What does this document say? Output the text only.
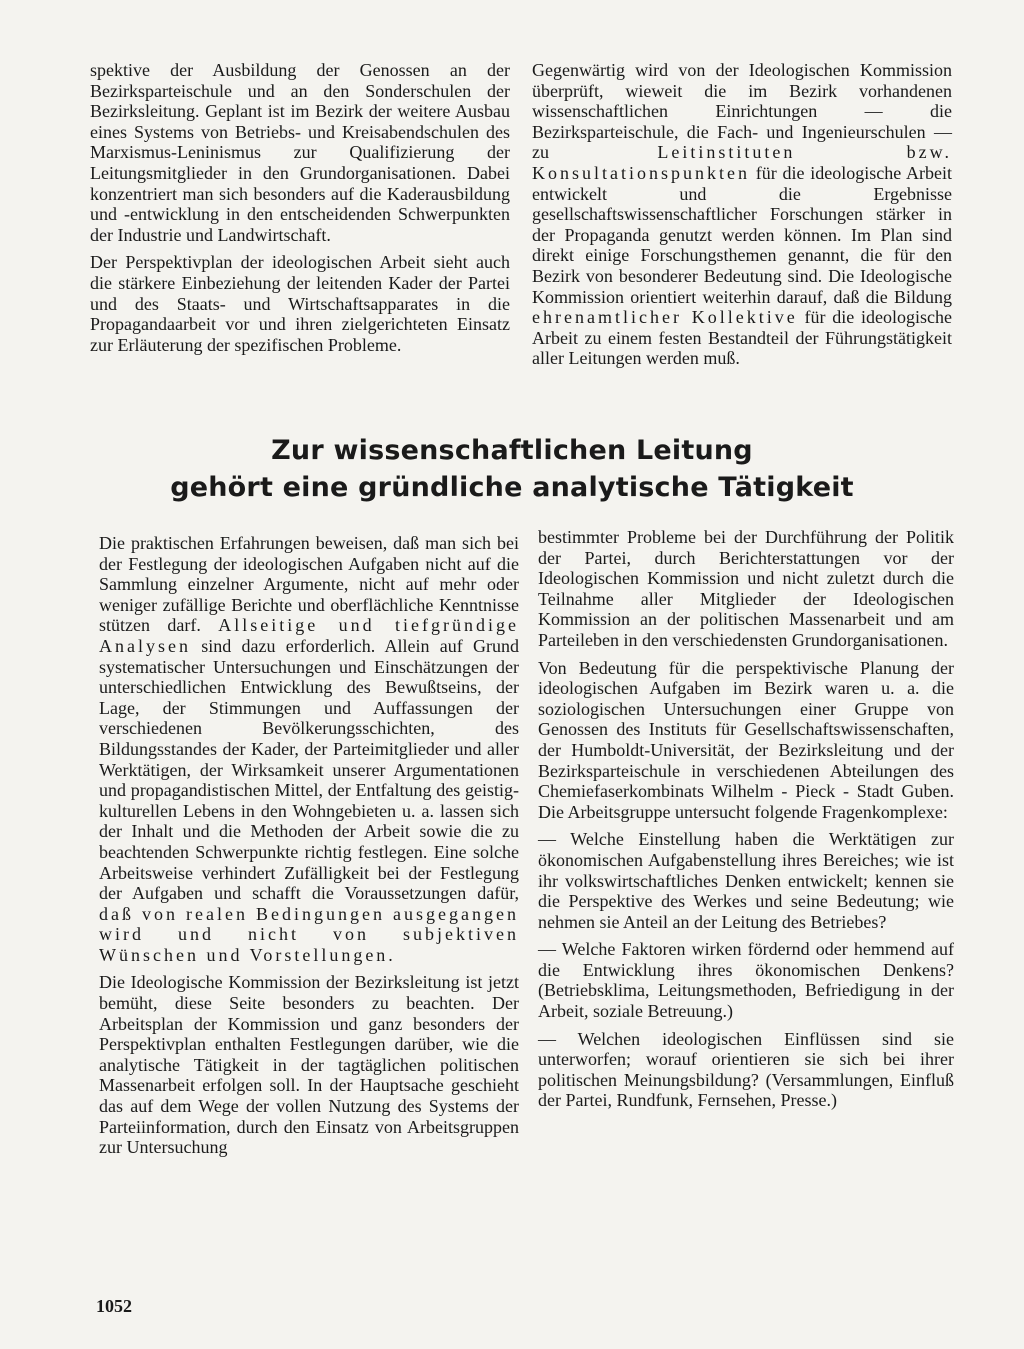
spektive der Ausbildung der Genossen an der Bezirksparteischule und an den Sonderschulen der Bezirksleitung. Geplant ist im Bezirk der weitere Ausbau eines Systems von Betriebs- und Kreisabendschulen des Marxismus-Leninismus zur Qualifizierung der Leitungsmitglieder in den Grundorganisationen. Dabei konzentriert man sich besonders auf die Kaderausbildung und -entwicklung in den entscheidenden Schwerpunkten der Industrie und Landwirtschaft.

Der Perspektivplan der ideologischen Arbeit sieht auch die stärkere Einbeziehung der leitenden Kader der Partei und des Staats- und Wirtschaftsapparates in die Propagandaarbeit vor und ihren zielgerichteten Einsatz zur Erläuterung der spezifischen Probleme.

Gegenwärtig wird von der Ideologischen Kommission überprüft, wieweit die im Bezirk vorhandenen wissenschaftlichen Einrichtungen — die Bezirksparteischule, die Fach- und Ingenieurschulen — zu	Leitinstituten bzw. Konsultationspunkten für die ideologische Arbeit entwickelt und die Ergebnisse gesellschaftswissenschaftlicher Forschungen stärker in der Propaganda genutzt werden können. Im Plan sind direkt einige Forschungsthemen genannt, die für den Bezirk von besonderer Bedeutung sind. Die Ideologische Kommission orientiert weiterhin darauf, daß die Bildung ehrenamtlicher Kollektive für die ideologische Arbeit zu einem festen Bestandteil der Führungstätigkeit aller Leitungen werden muß.

Zur wissenschaftlichen Leitung
gehört eine gründliche analytische Tätigkeit

Die praktischen Erfahrungen beweisen, daß man sich bei der Festlegung der ideologischen Aufgaben nicht auf die Sammlung einzelner Argumente, nicht auf mehr oder weniger zufällige Berichte und oberflächliche Kenntnisse stützen darf. Allseitige und tiefgründige Analysen sind dazu erforderlich. Allein auf Grund systematischer Untersuchungen und Einschätzungen der unterschiedlichen Entwicklung des Bewußtseins, der Lage, der Stimmungen und Auffassungen der verschiedenen Bevölkerungsschichten, des Bildungsstandes der Kader, der Parteimitglieder und aller Werktätigen, der Wirksamkeit unserer Argumentationen und propagandistischen Mittel, der Entfaltung des geistig-kulturellen Lebens in den Wohngebieten u. a. lassen sich der Inhalt und die Methoden der Arbeit sowie die zu beachtenden Schwerpunkte richtig festlegen. Eine solche Arbeitsweise verhindert Zufälligkeit bei der Festlegung der Aufgaben und schafft die Voraussetzungen dafür, daß von realen Bedingungen ausgegangen wird und nicht von subjektiven Wünschen und Vorstellungen.

Die Ideologische Kommission der Bezirksleitung ist jetzt bemüht, diese Seite besonders zu beachten. Der Arbeitsplan der Kommission und ganz besonders der Perspektivplan enthalten Festlegungen darüber, wie die analytische Tätigkeit in der tagtäglichen politischen Massenarbeit erfolgen soll. In der Hauptsache geschieht das auf dem Wege der vollen Nutzung des Systems der Parteiinformation, durch den Einsatz von Arbeitsgruppen zur Untersuchung

bestimmter Probleme bei der Durchführung der Politik der Partei, durch Berichterstattungen vor der Ideologischen Kommission und nicht zuletzt durch die Teilnahme aller Mitglieder der Ideologischen Kommission an der politischen Massenarbeit und am Parteileben in den verschiedensten Grundorganisationen.

Von Bedeutung für die perspektivische Planung der ideologischen Aufgaben im Bezirk waren u. a. die soziologischen Untersuchungen einer Gruppe von Genossen des Instituts für Gesellschaftswissenschaften, der Humboldt-Universität, der Bezirksleitung und der Bezirksparteischule in verschiedenen Abteilungen des Chemiefaserkombinats Wilhelm - Pieck - Stadt Guben. Die Arbeitsgruppe untersucht folgende Fragenkomplexe:

— Welche Einstellung haben die Werktätigen zur ökonomischen Aufgabenstellung ihres Bereiches; wie ist ihr volkswirtschaftliches Denken entwickelt; kennen sie die Perspektive des Werkes und seine Bedeutung; wie nehmen sie Anteil an der Leitung des Betriebes?

— Welche Faktoren wirken fördernd oder hemmend auf die Entwicklung ihres ökonomischen Denkens? (Betriebsklima, Leitungsmethoden, Befriedigung in der Arbeit, soziale Betreuung.)

— Welchen ideologischen Einflüssen sind sie unterworfen; worauf orientieren sie sich bei ihrer politischen Meinungsbildung? (Versammlungen, Einfluß der Partei, Rundfunk, Fernsehen, Presse.)

1052
